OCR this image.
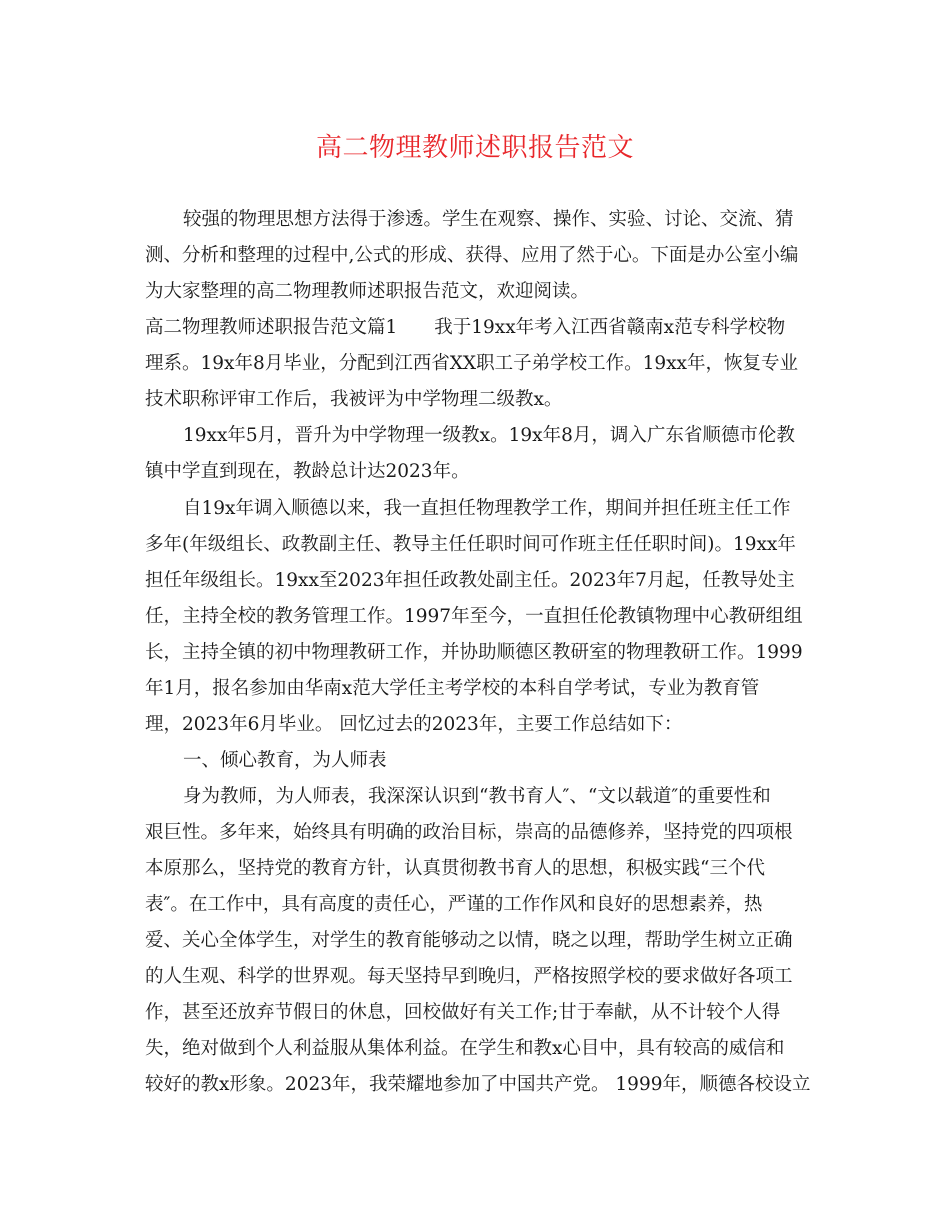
高二物理教师述职报告范文
较强的物理思想方法得于渗透。学生在观察、操作、实验、讨论、交流、猜
测、分析和整理的过程中,公式的形成、获得、应用了然于心。下面是办公室小编
为大家整理的高二物理教师述职报告范文，欢迎阅读。
高二物理教师述职报告范文篇1　　我于19xx年考入江西省赣南x范专科学校物
理系。19x年8月毕业，分配到江西省XX职工子弟学校工作。19xx年，恢复专业
技术职称评审工作后，我被评为中学物理二级教x。
19xx年5月，晋升为中学物理一级教x。19x年8月，调入广东省顺德市伦教
镇中学直到现在，教龄总计达2023年。
自19x年调入顺德以来，我一直担任物理教学工作，期间并担任班主任工作
多年(年级组长、政教副主任、教导主任任职时间可作班主任任职时间)。19xx年
担任年级组长。19xx至2023年担任政教处副主任。2023年7月起，任教导处主
任，主持全校的教务管理工作。1997年至今，一直担任伦教镇物理中心教研组组
长，主持全镇的初中物理教研工作，并协助顺德区教研室的物理教研工作。1999
年1月，报名参加由华南x范大学任主考学校的本科自学考试，专业为教育管
理，2023年6月毕业。 回忆过去的2023年，主要工作总结如下：
一、倾心教育，为人师表
身为教师，为人师表，我深深认识到“教书育人″、“文以载道″的重要性和
艰巨性。多年来，始终具有明确的政治目标，崇高的品德修养，坚持党的四项根
本原那么，坚持党的教育方针，认真贯彻教书育人的思想，积极实践“三个代
表″。在工作中，具有高度的责任心，严谨的工作作风和良好的思想素养，热
爱、关心全体学生，对学生的教育能够动之以情，晓之以理，帮助学生树立正确
的人生观、科学的世界观。每天坚持早到晚归，严格按照学校的要求做好各项工
作，甚至还放弃节假日的休息，回校做好有关工作;甘于奉献，从不计较个人得
失，绝对做到个人利益服从集体利益。在学生和教x心目中，具有较高的威信和
较好的教x形象。2023年，我荣耀地参加了中国共产党。 1999年，顺德各校设立
